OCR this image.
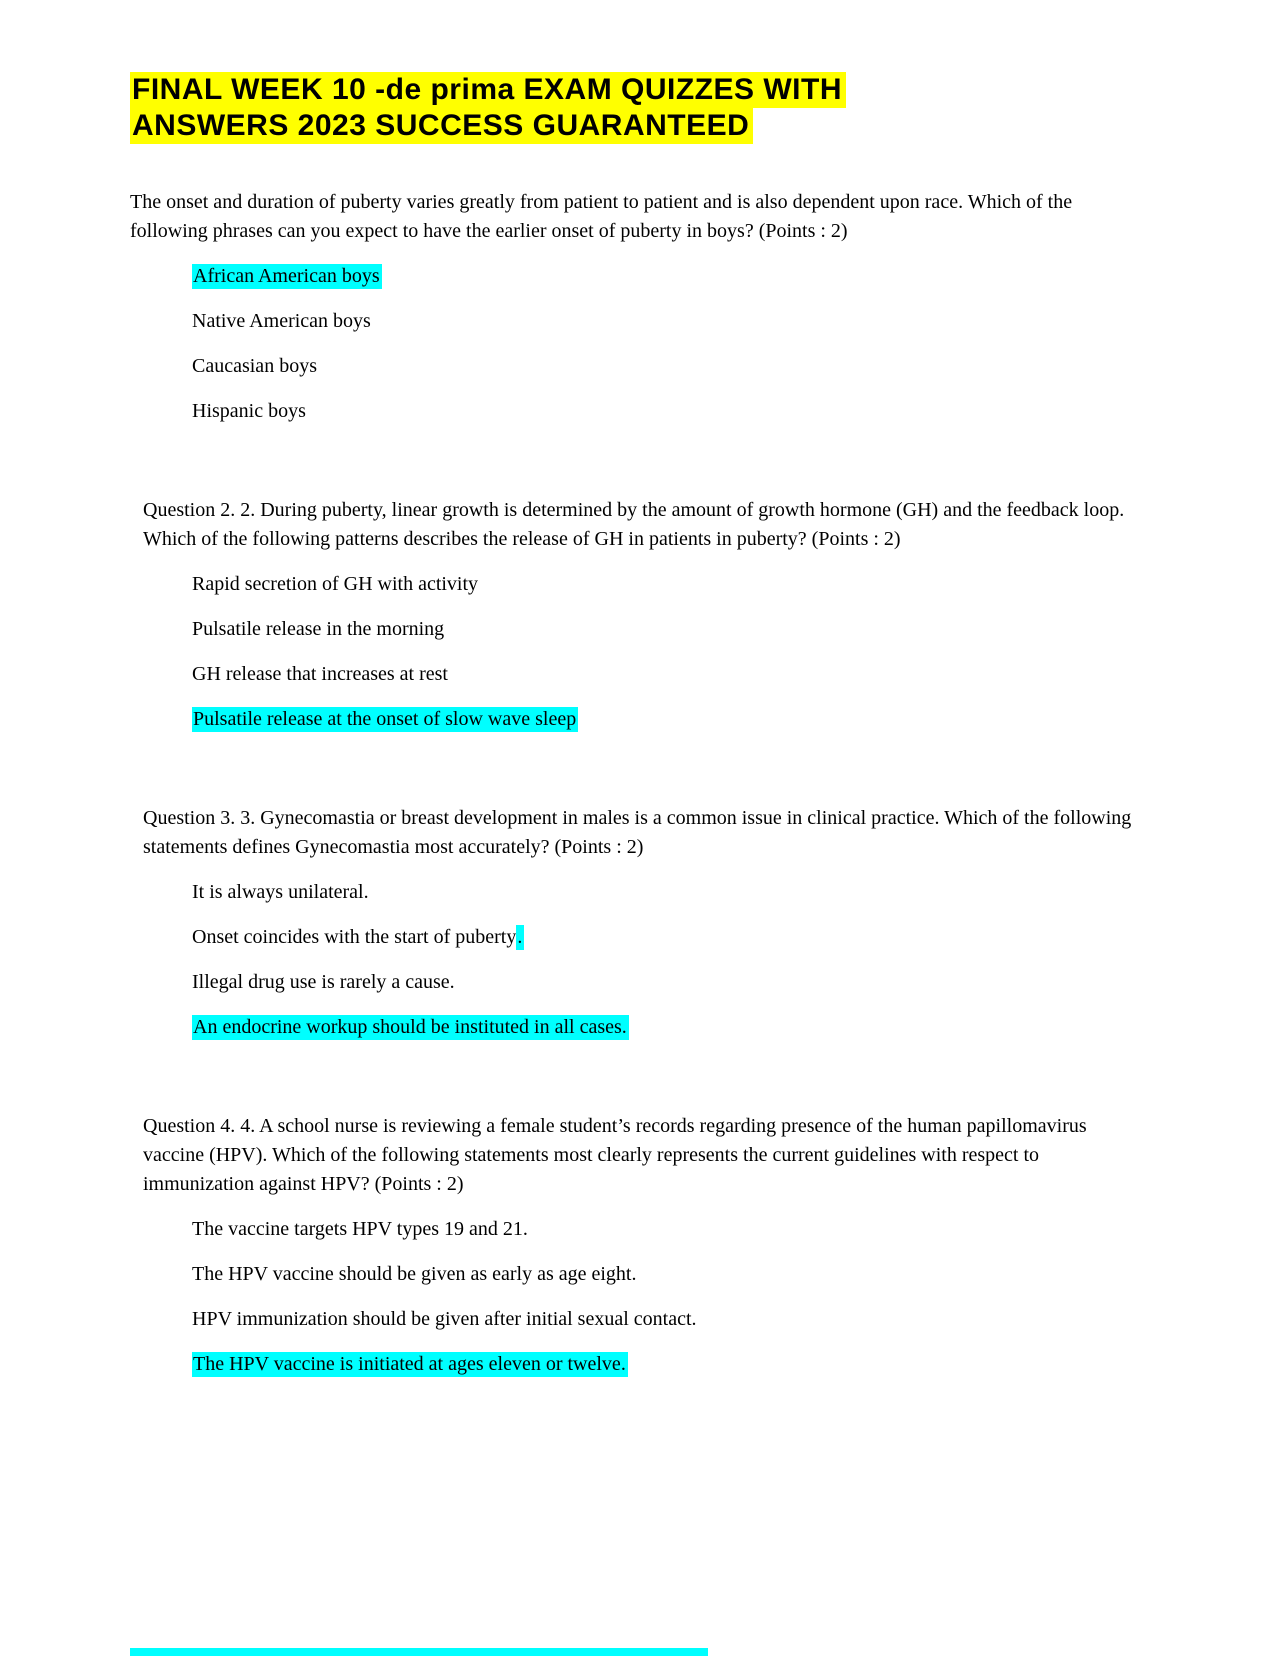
FINAL WEEK 10 -de prima EXAM QUIZZES WITH
ANSWERS 2023 SUCCESS GUARANTEED

The onset and duration of puberty varies greatly from patient to patient and is also dependent upon race. Which of the following phrases can you expect to have the earlier onset of puberty in boys? (Points : 2)

African American boys
Native American boys
Caucasian boys
Hispanic boys

Question 2. 2. During puberty, linear growth is determined by the amount of growth hormone (GH) and the feedback loop. Which of the following patterns describes the release of GH in patients in puberty? (Points : 2)

Rapid secretion of GH with activity
Pulsatile release in the morning
GH release that increases at rest
Pulsatile release at the onset of slow wave sleep

Question 3. 3. Gynecomastia or breast development in males is a common issue in clinical practice. Which of the following statements defines Gynecomastia most accurately? (Points : 2)

It is always unilateral.
Onset coincides with the start of puberty.
Illegal drug use is rarely a cause.
An endocrine workup should be instituted in all cases.

Question 4. 4. A school nurse is reviewing a female student’s records regarding presence of the human papillomavirus vaccine (HPV). Which of the following statements most clearly represents the current guidelines with respect to immunization against HPV? (Points : 2)

The vaccine targets HPV types 19 and 21.
The HPV vaccine should be given as early as age eight.
HPV immunization should be given after initial sexual contact.
The HPV vaccine is initiated at ages eleven or twelve.
